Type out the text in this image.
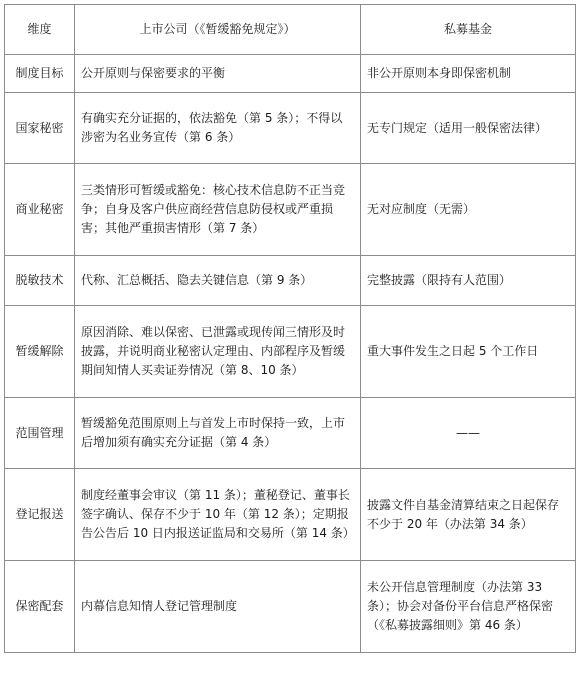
维度	上市公司（《暂缓豁免规定》）	私募基金
制度目标	公开原则与保密要求的平衡	非公开原则本身即保密机制
国家秘密	有确实充分证据的，依法豁免（第 5 条）；不得以涉密为名业务宣传（第 6 条）	无专门规定（适用一般保密法律）
商业秘密	三类情形可暂缓或豁免：核心技术信息防不正当竞争；自身及客户供应商经营信息防侵权或严重损害；其他严重损害情形（第 7 条）	无对应制度（无需）
脱敏技术	代称、汇总概括、隐去关键信息（第 9 条）	完整披露（限持有人范围）
暂缓解除	原因消除、难以保密、已泄露或现传闻三情形及时披露，并说明商业秘密认定理由、内部程序及暂缓期间知情人买卖证券情况（第 8、10 条）	重大事件发生之日起 5 个工作日
范围管理	暂缓豁免范围原则上与首发上市时保持一致，上市后增加须有确实充分证据（第 4 条）	——
登记报送	制度经董事会审议（第 11 条）；董秘登记、董事长签字确认、保存不少于 10 年（第 12 条）；定期报告公告后 10 日内报送证监局和交易所（第 14 条）	披露文件自基金清算结束之日起保存不少于 20 年（办法第 34 条）
保密配套	内幕信息知情人登记管理制度	未公开信息管理制度（办法第 33 条）；协会对备份平台信息严格保密（《私募披露细则》第 46 条）
